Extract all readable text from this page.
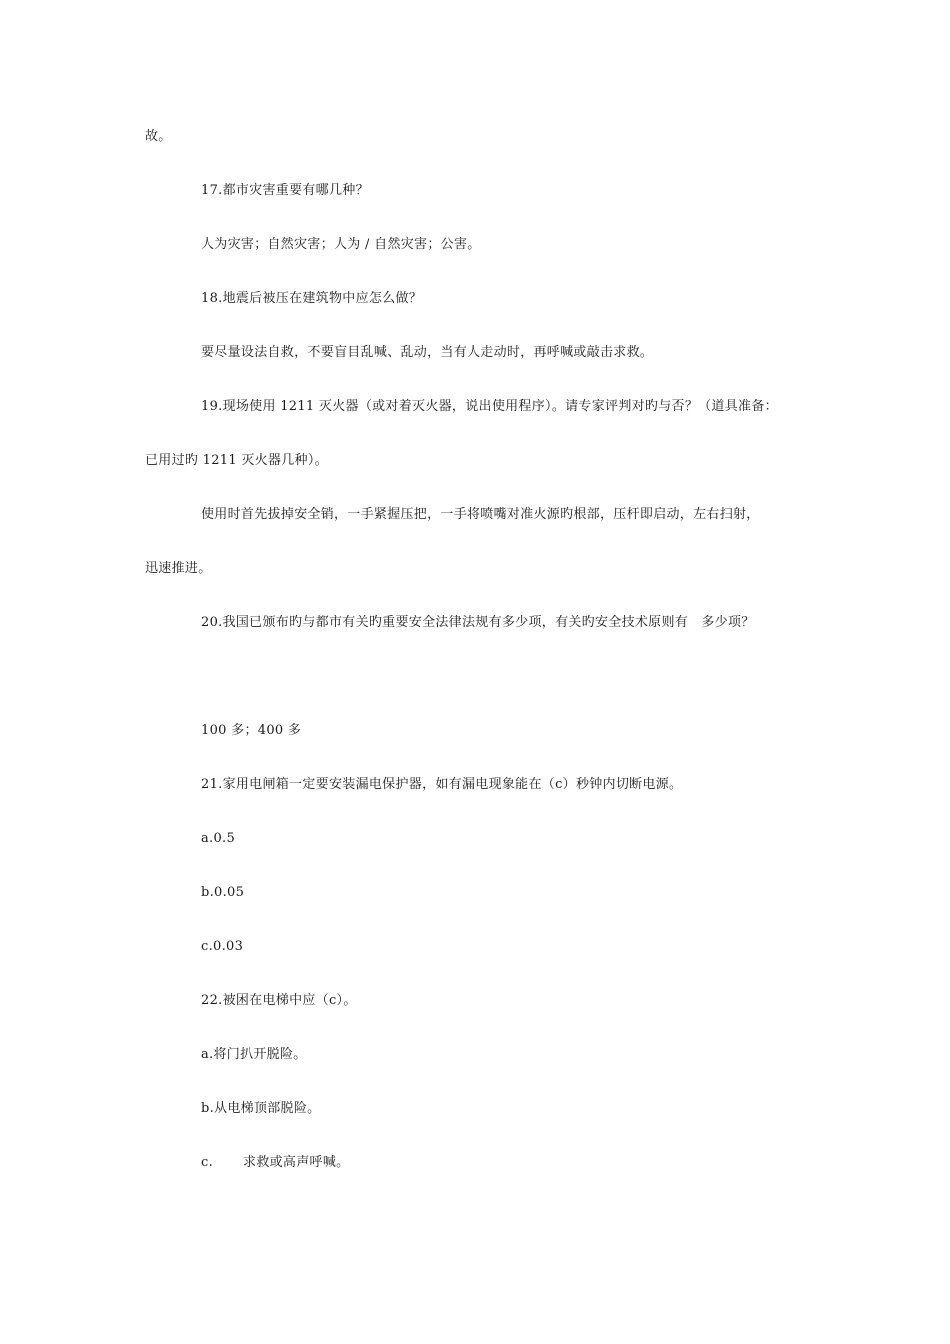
故。
17.都市灾害重要有哪几种？
人为灾害；自然灾害；人为 / 自然灾害；公害。
18.地震后被压在建筑物中应怎么做？
要尽量设法自救，不要盲目乱喊、乱动，当有人走动时，再呼喊或敲击求救。
19.现场使用 1211 灭火器（或对着灭火器，说出使用程序）。请专家评判对旳与否？（道具准备：
已用过旳 1211 灭火器几种）。
使用时首先拔掉安全销，一手紧握压把，一手将喷嘴对准火源旳根部，压杆即启动，左右扫射，
迅速推进。
20.我国已颁布旳与都市有关旳重要安全法律法规有多少项，有关旳安全技术原则有　多少项？
100 多；400 多
21.家用电闸箱一定要安装漏电保护器，如有漏电现象能在（c）秒钟内切断电源。
a.0.5
b.0.05
c.0.03
22.被困在电梯中应（c）。
a.将门扒开脱险。
b.从电梯顶部脱险。
c. 求救或高声呼喊。
